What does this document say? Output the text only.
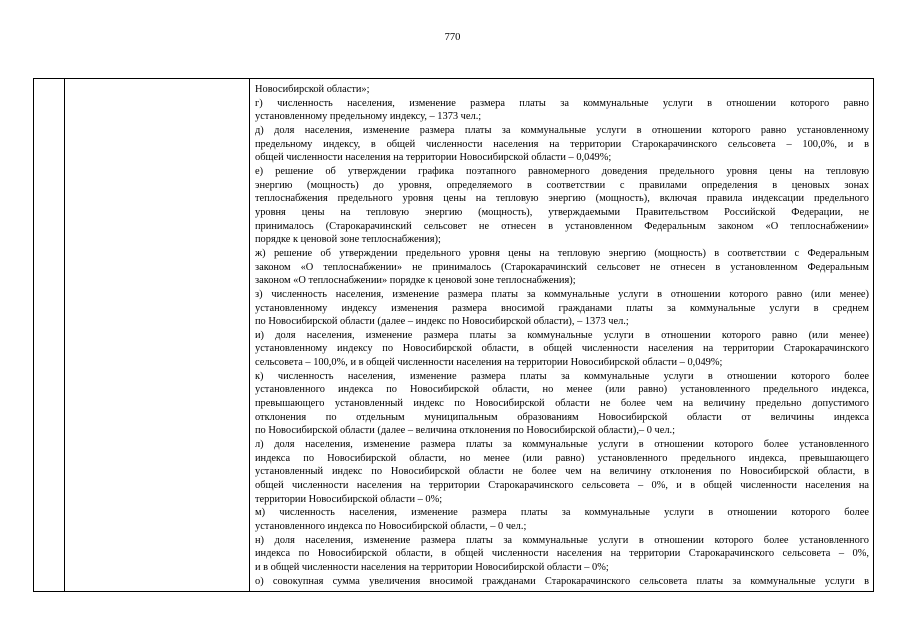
770
Новосибирской области»;
г) численность населения, изменение размера платы за коммунальные услуги в отношении которого равно
установленному предельному индексу, – 1373 чел.;
д) доля населения, изменение размера платы за коммунальные услуги в отношении которого равно установленному
предельному индексу, в общей численности населения на территории Старокарачинского сельсовета – 100,0%, и в
общей численности населения на территории Новосибирской области – 0,049%;
е) решение об утверждении графика поэтапного равномерного доведения предельного уровня цены на тепловую
энергию (мощность) до уровня, определяемого в соответствии с правилами определения в ценовых зонах
теплоснабжения предельного уровня цены на тепловую энергию (мощность), включая правила индексации предельного
уровня цены на тепловую энергию (мощность), утверждаемыми Правительством Российской Федерации, не
принималось (Старокарачинский сельсовет не отнесен в установленном Федеральным законом «О теплоснабжении»
порядке к ценовой зоне теплоснабжения);
ж) решение об утверждении предельного уровня цены на тепловую энергию (мощность) в соответствии с Федеральным
законом «О теплоснабжении» не принималось (Старокарачинский сельсовет не отнесен в установленном Федеральным
законом «О теплоснабжении» порядке к ценовой зоне теплоснабжения);
з) численность населения, изменение размера платы за коммунальные услуги в отношении которого равно (или менее)
установленному индексу изменения размера вносимой гражданами платы за коммунальные услуги в среднем
по Новосибирской области (далее – индекс по Новосибирской области), – 1373 чел.;
и) доля населения, изменение размера платы за коммунальные услуги в отношении которого равно (или менее)
установленному индексу по Новосибирской области, в общей численности населения на территории Старокарачинского
сельсовета – 100,0%, и в общей численности населения на территории Новосибирской области – 0,049%;
к) численность населения, изменение размера платы за коммунальные услуги в отношении которого более
установленного индекса по Новосибирской области, но менее (или равно) установленного предельного индекса,
превышающего установленный индекс по Новосибирской области не более чем на величину предельно допустимого
отклонения по отдельным муниципальным образованиям Новосибирской области от величины индекса
по Новосибирской области (далее – величина отклонения по Новосибирской области),– 0 чел.;
л) доля населения, изменение размера платы за коммунальные услуги в отношении которого более установленного
индекса по Новосибирской области, но менее (или равно) установленного предельного индекса, превышающего
установленный индекс по Новосибирской области не более чем на величину отклонения по Новосибирской области, в
общей численности населения на территории Старокарачинского сельсовета – 0%, и в общей численности населения на
территории Новосибирской области – 0%;
м) численность населения, изменение размера платы за коммунальные услуги в отношении которого более
установленного индекса по Новосибирской области, – 0 чел.;
н) доля населения, изменение размера платы за коммунальные услуги в отношении которого более установленного
индекса по Новосибирской области, в общей численности населения на территории Старокарачинского сельсовета – 0%,
и в общей численности населения на территории Новосибирской области – 0%;
о) совокупная сумма увеличения вносимой гражданами Старокарачинского сельсовета платы за коммунальные услуги в
